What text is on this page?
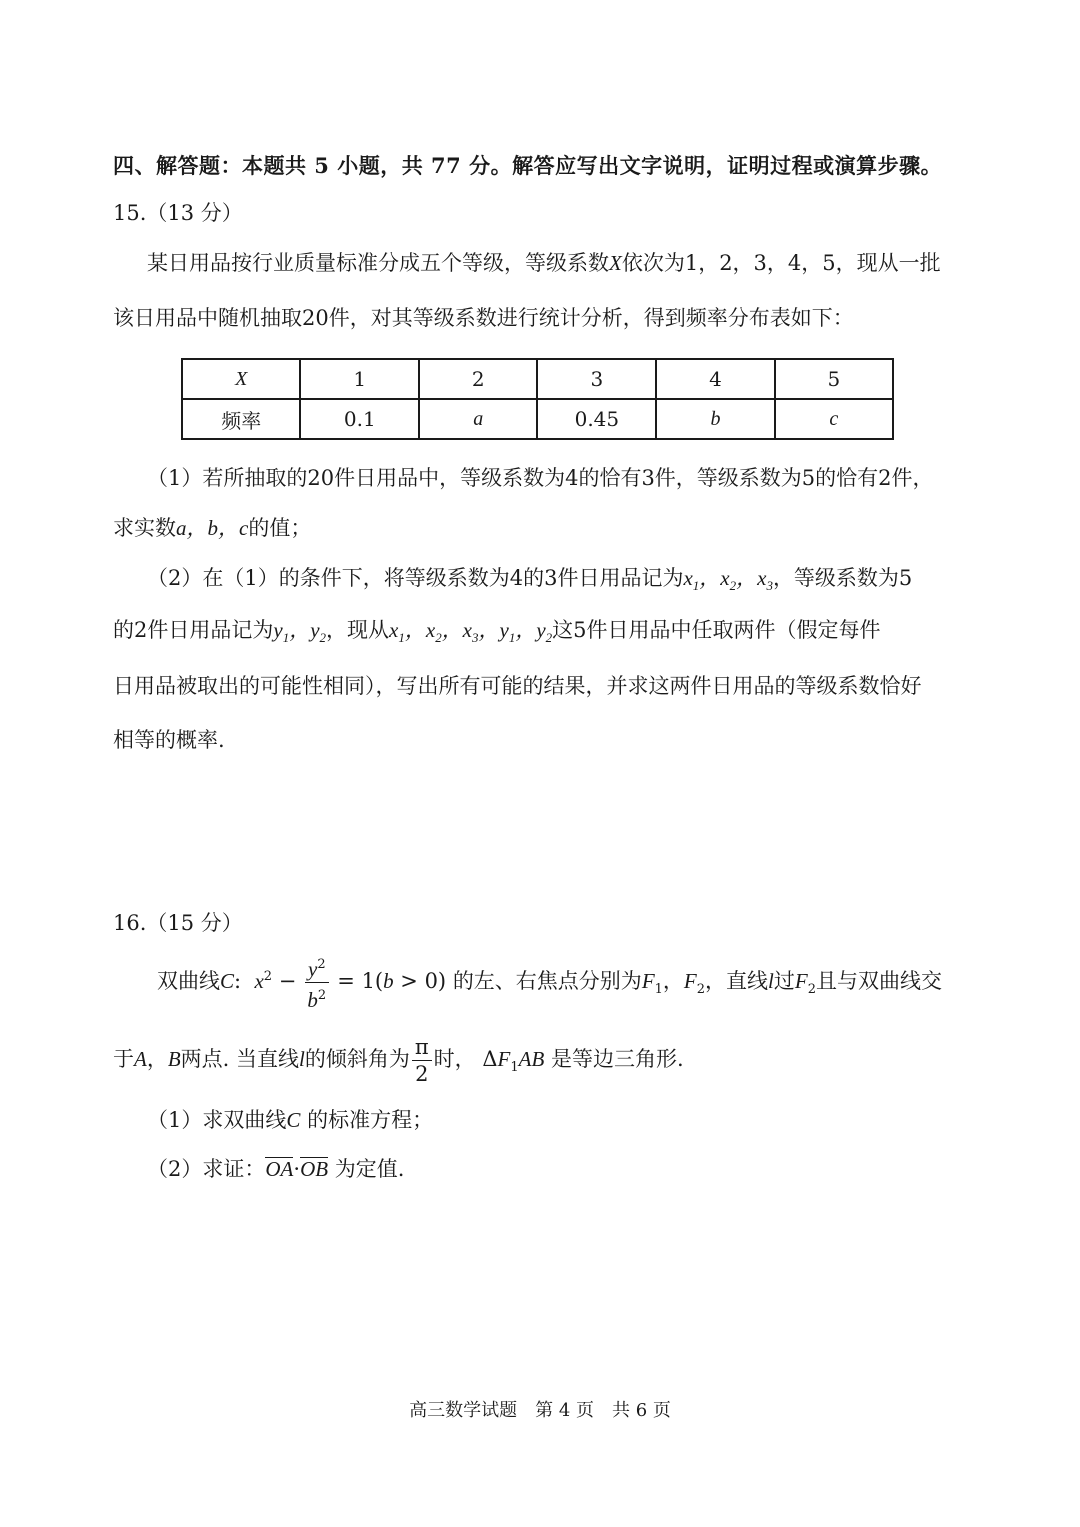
四、解答题：本题共 5 小题，共 77 分。解答应写出文字说明，证明过程或演算步骤。
15.（13 分）
某日用品按行业质量标准分成五个等级，等级系数X依次为1，2，3，4，5，现从一批
该日用品中随机抽取20件，对其等级系数进行统计分析，得到频率分布表如下：
X	1	2	3	4	5
频率	0.1	a	0.45	b	c
（1）若所抽取的20件日用品中，等级系数为4的恰有3件，等级系数为5的恰有2件，
求实数a，b，c的值；
（2）在（1）的条件下，将等级系数为4的3件日用品记为$x_1$，$x_2$，$x_3$，等级系数为5
的2件日用品记为$y_1$，$y_2$，现从$x_1$，$x_2$，$x_3$，$y_1$，$y_2$这5件日用品中任取两件（假定每件
日用品被取出的可能性相同），写出所有可能的结果，并求这两件日用品的等级系数恰好
相等的概率.
16.（15 分）
双曲线C:  $x^2 - \frac{y^2}{b^2} = 1(b > 0)$ 的左、右焦点分别为$F_1$，$F_2$，直线l过$F_2$且与双曲线交
于A，B两点. 当直线l的倾斜角为 $\frac{\pi}{2}$ 时， $\Delta F_1AB$ 是等边三角形.
（1）求双曲线C 的标准方程；
（2）求证：OA·OB 为定值.
高三数学试题　第 4 页　共 6 页
